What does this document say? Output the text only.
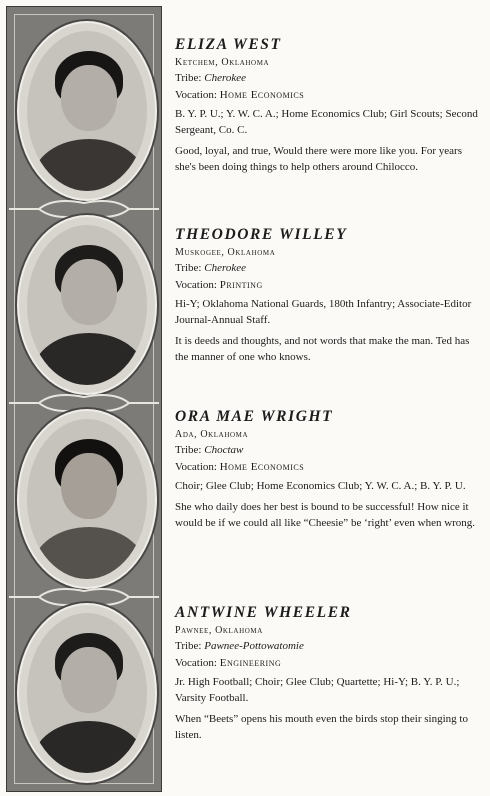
ELIZA WEST

Ketchem, Oklahoma

Tribe: Cherokee

Vocation: Home Economics

B. Y. P. U.; Y. W. C. A.; Home Economics Club; Girl Scouts; Second Sergeant, Co. C.

Good, loyal, and true, Would there were more like you. For years she's been doing things to help others around Chilocco.

THEODORE WILLEY

Muskogee, Oklahoma

Tribe: Cherokee

Vocation: Printing

Hi-Y; Oklahoma National Guards, 180th Infantry; Associate-Editor Journal-Annual Staff.

It is deeds and thoughts, and not words that make the man. Ted has the manner of one who knows.

ORA MAE WRIGHT

Ada, Oklahoma

Tribe: Choctaw

Vocation: Home Economics

Choir; Glee Club; Home Economics Club; Y. W. C. A.; B. Y. P. U.

She who daily does her best is bound to be successful! How nice it would be if we could all like “Cheesie” be ‘right’ even when wrong.

ANTWINE WHEELER

Pawnee, Oklahoma

Tribe: Pawnee-Pottowatomie

Vocation: Engineering

Jr. High Football; Choir; Glee Club; Quartette; Hi-Y; B. Y. P. U.; Varsity Football.

When “Beets” opens his mouth even the birds stop their singing to listen.
